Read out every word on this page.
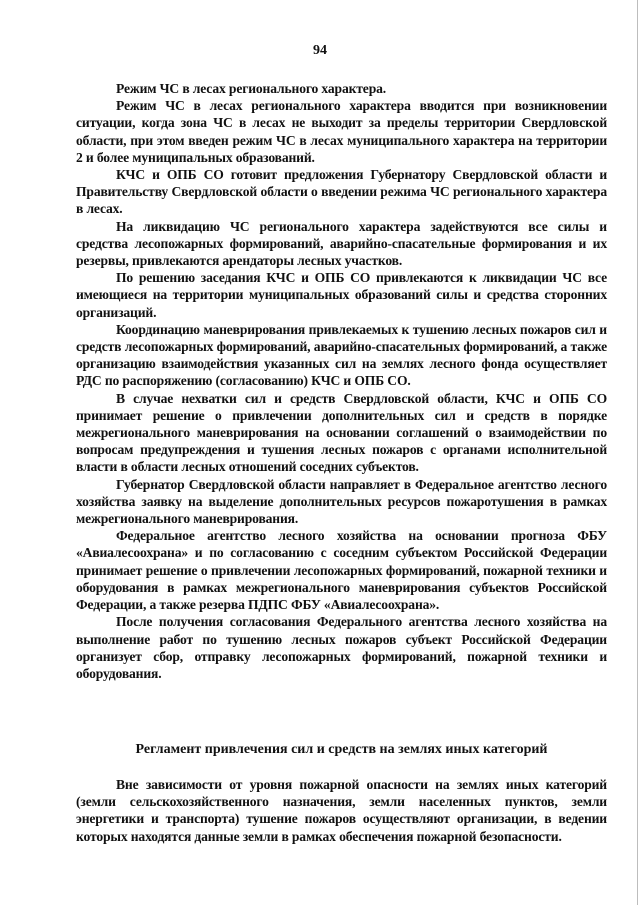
94

Режим ЧС в лесах регионального характера.

Режим ЧС в лесах регионального характера вводится при возникновении ситуации, когда зона ЧС в лесах не выходит за пределы территории Свердловской области, при этом введен режим ЧС в лесах муниципального характера на территории 2 и более муниципальных образований.

КЧС и ОПБ СО готовит предложения Губернатору Свердловской области и Правительству Свердловской области о введении режима ЧС регионального характера в лесах.

На ликвидацию ЧС регионального характера задействуются все силы и средства лесопожарных формирований, аварийно-спасательные формирования и их резервы, привлекаются арендаторы лесных участков.

По решению заседания КЧС и ОПБ СО привлекаются к ликвидации ЧС все имеющиеся на территории муниципальных образований силы и средства сторонних организаций.

Координацию маневрирования привлекаемых к тушению лесных пожаров сил и средств лесопожарных формирований, аварийно-спасательных формирований, а также организацию взаимодействия указанных сил на землях лесного фонда осуществляет РДС по распоряжению (согласованию) КЧС и ОПБ СО.

В случае нехватки сил и средств Свердловской области, КЧС и ОПБ СО принимает решение о привлечении дополнительных сил и средств в порядке межрегионального маневрирования на основании соглашений о взаимодействии по вопросам предупреждения и тушения лесных пожаров с органами исполнительной власти в области лесных отношений соседних субъектов.

Губернатор Свердловской области направляет в Федеральное агентство лесного хозяйства заявку на выделение дополнительных ресурсов пожаротушения в рамках межрегионального маневрирования.

Федеральное агентство лесного хозяйства на основании прогноза ФБУ «Авиалесоохрана» и по согласованию с соседним субъектом Российской Федерации принимает решение о привлечении лесопожарных формирований, пожарной техники и оборудования в рамках межрегионального маневрирования субъектов Российской Федерации, а также резерва ПДПС ФБУ «Авиалесоохрана».

После получения согласования Федерального агентства лесного хозяйства на выполнение работ по тушению лесных пожаров субъект Российской Федерации организует сбор, отправку лесопожарных формирований, пожарной техники и оборудования.

Регламент привлечения сил и средств на землях иных категорий

Вне зависимости от уровня пожарной опасности на землях иных категорий (земли сельскохозяйственного назначения, земли населенных пунктов, земли энергетики и транспорта) тушение пожаров осуществляют организации, в ведении которых находятся данные земли в рамках обеспечения пожарной безопасности.
